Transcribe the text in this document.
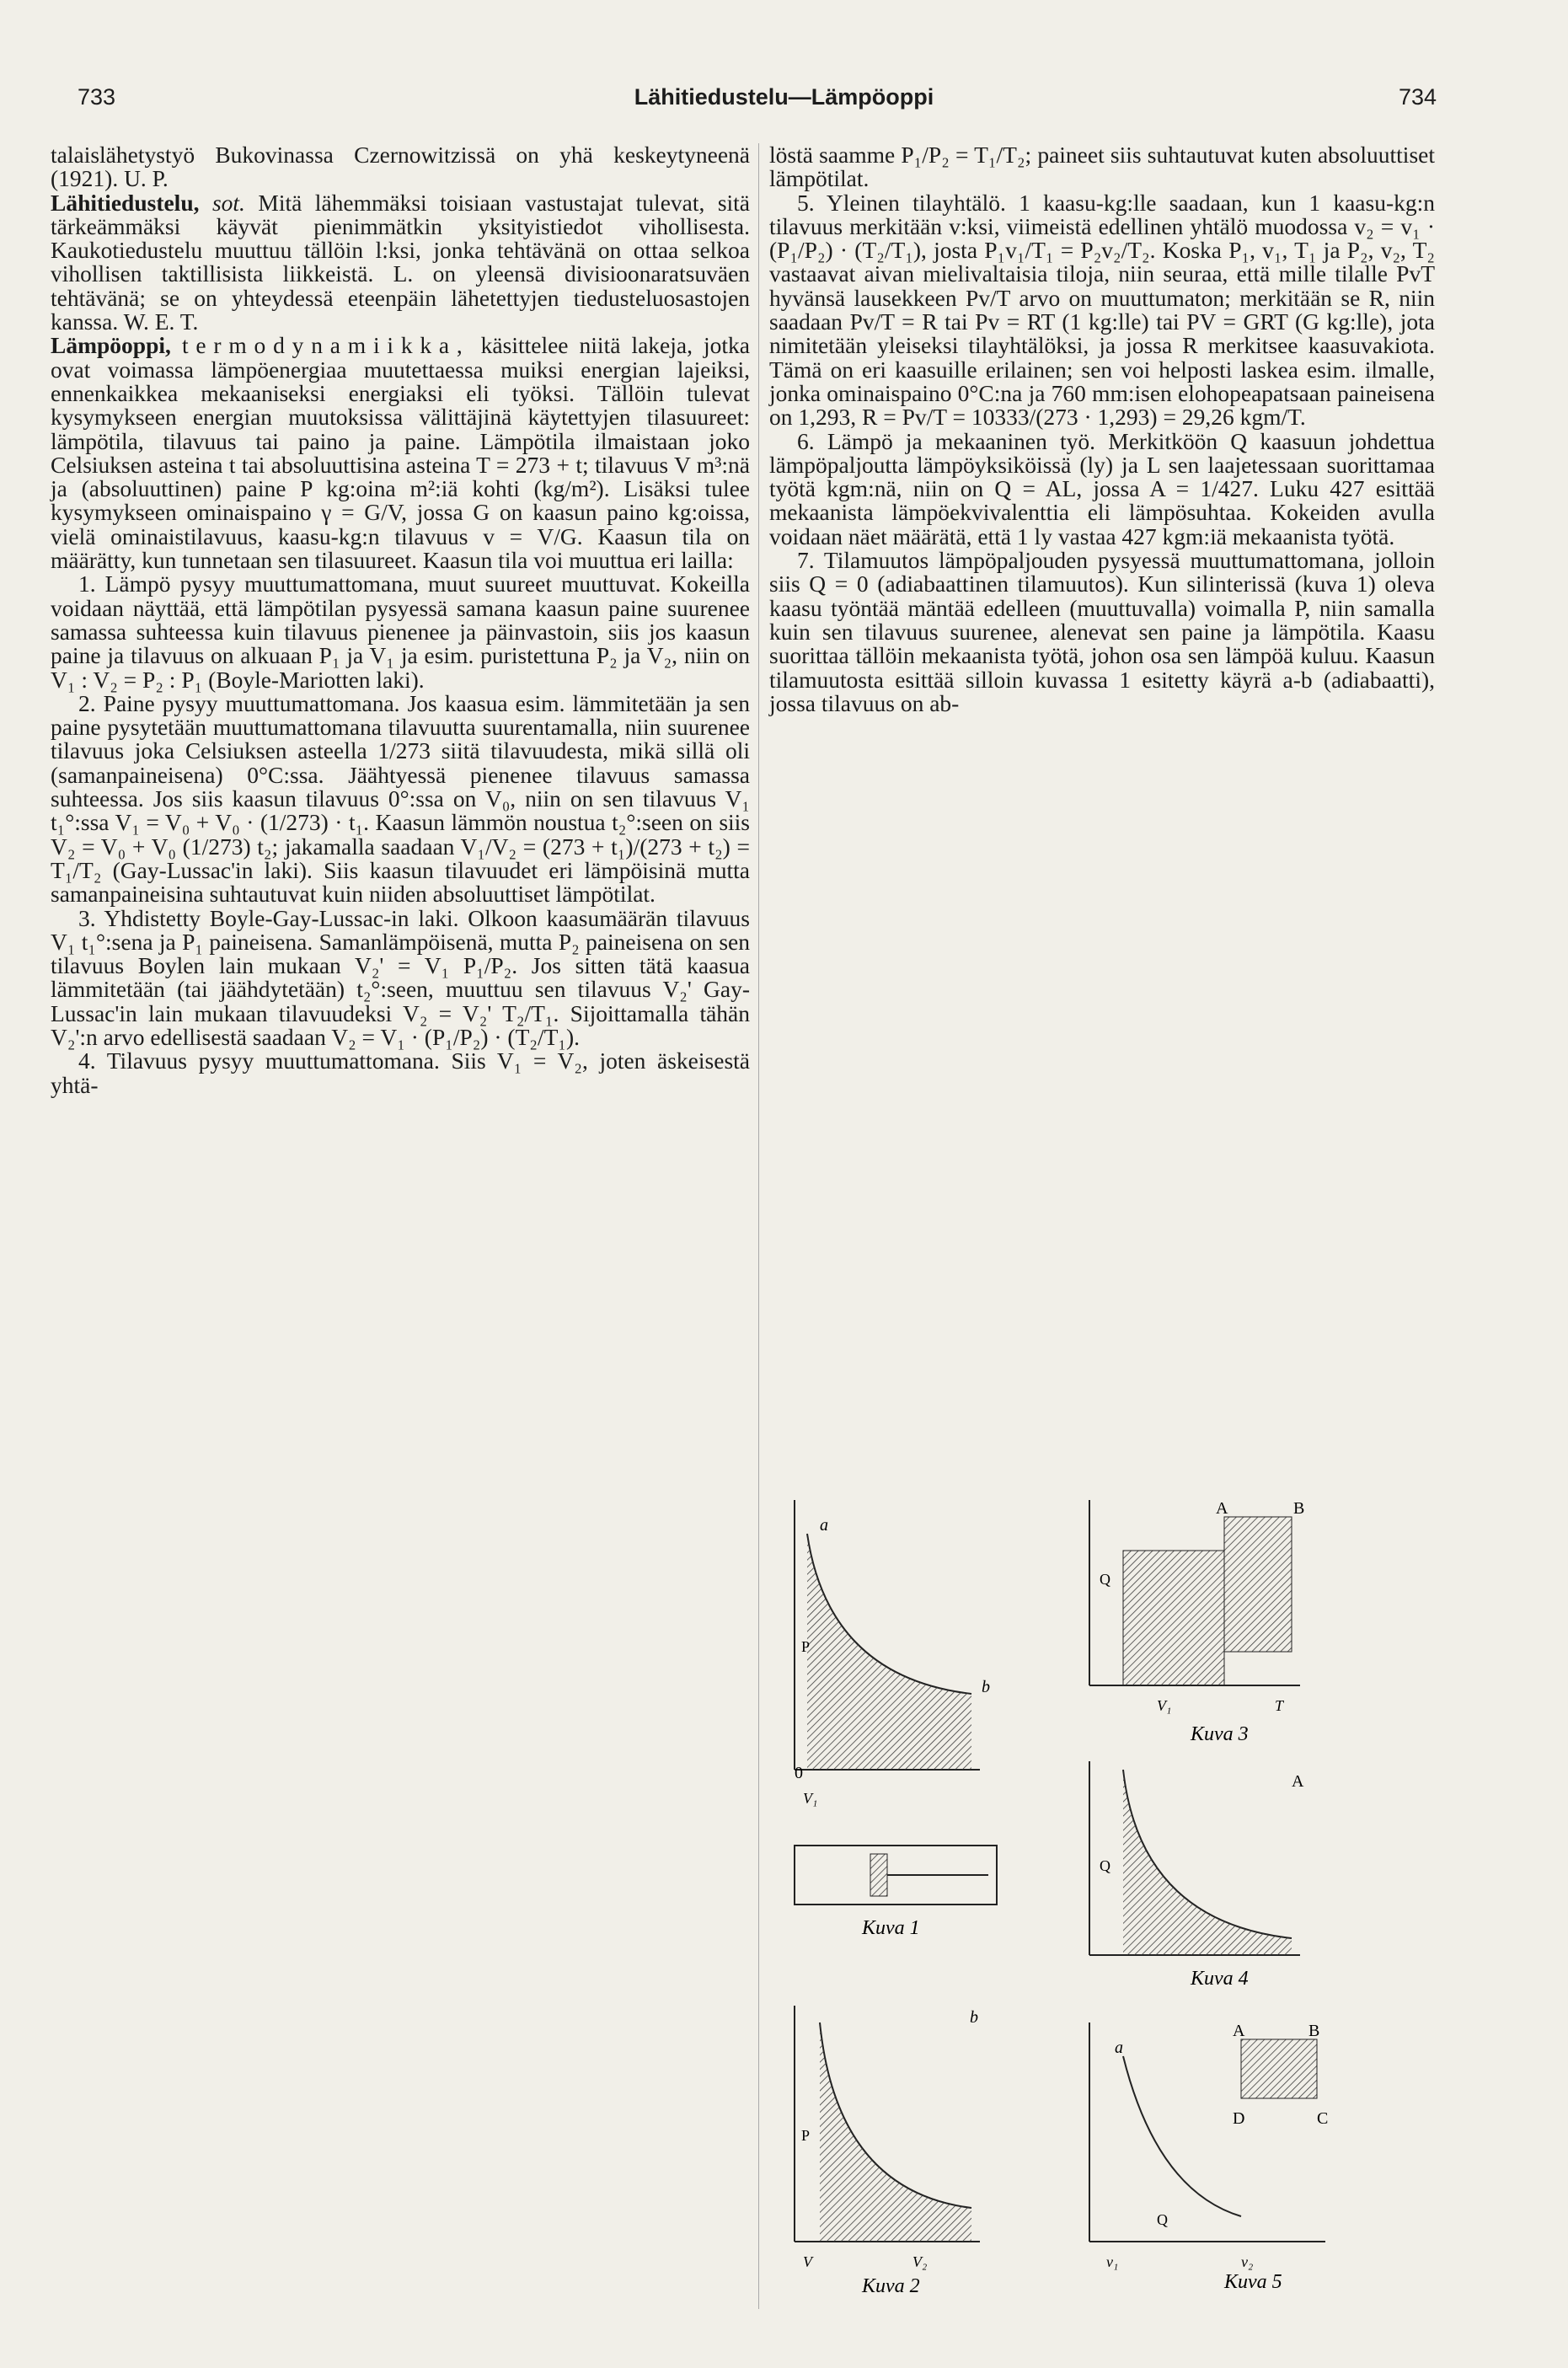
733	Lähitiedustelu—Lämpöoppi	734

talaislähetystyö Bukovinassa Czernowitzissä on yhä keskeytyneenä (1921). U. P.

Lähitiedustelu, sot. Mitä lähemmäksi toisiaan vastustajat tulevat, sitä tärkeämmäksi käyvät pienimmätkin yksityistiedot vihollisesta. Kaukotiedustelu muuttuu tällöin l:ksi, jonka tehtävänä on ottaa selkoa vihollisen taktillisista liikkeistä. L. on yleensä divisioonaratsuväen tehtävänä; se on yhteydessä eteenpäin lähetettyjen tiedusteluosastojen kanssa. W. E. T.

Lämpöoppi, termodynamiikka, käsittelee niitä lakeja, jotka ovat voimassa lämpöenergiaa muutettaessa muiksi energian lajeiksi, ennenkaikkea mekaaniseksi energiaksi eli työksi. Tällöin tulevat kysymykseen energian muutoksissa välittäjinä käytettyjen tilasuureet: lämpötila, tilavuus tai paino ja paine. Lämpötila ilmaistaan joko Celsiuksen asteina t tai absoluuttisina asteina T = 273 + t; tilavuus V m³:nä ja (absoluuttinen) paine P kg:oina m²:iä kohti (kg/m²). Lisäksi tulee kysymykseen ominaispaino γ = G/V, jossa G on kaasun paino kg:oissa, vielä ominaistilavuus, kaasu-kg:n tilavuus v = V/G. Kaasun tila on määrätty, kun tunnetaan sen tilasuureet. Kaasun tila voi muuttua eri lailla:

1. Lämpö pysyy muuttumattomana, muut suureet muuttuvat. Kokeilla voidaan näyttää, että lämpötilan pysyessä samana kaasun paine suurenee samassa suhteessa kuin tilavuus pienenee ja päinvastoin, siis jos kaasun paine ja tilavuus on alkuaan P₁ ja V₁ ja esim. puristettuna P₂ ja V₂, niin on V₁ : V₂ = P₂ : P₁ (Boyle-Mariotten laki).

2. Paine pysyy muuttumattomana. Jos kaasua esim. lämmitetään ja sen paine pysytetään muuttumattomana tilavuutta suurentamalla, niin suurenee tilavuus joka Celsiuksen asteella 1/273 siitä tilavuudesta, mikä sillä oli (samanpaineisena) 0°C:ssa. Jäähtyessä pienenee tilavuus samassa suhteessa. Jos siis kaasun tilavuus 0°:ssa on V₀, niin on sen tilavuus V₁ t₁°:ssa V₁ = V₀ + V₀ · (1/273) · t₁. Kaasun lämmön noustua t₂°:seen on siis V₂ = V₀ + V₀ (1/273) t₂; jakamalla saadaan V₁/V₂ = (273 + t₁)/(273 + t₂) = T₁/T₂ (Gay-Lussac'in laki). Siis kaasun tilavuudet eri lämpöisinä mutta samanpaineisina suhtautuvat kuin niiden absoluuttiset lämpötilat.

3. Yhdistetty Boyle-Gay-Lussac-in laki. Olkoon kaasumäärän tilavuus V₁ t₁°:sena ja P₁ paineisena. Samanlämpöisenä, mutta P₂ paineisena on sen tilavuus Boylen lain mukaan V₂' = V₁ P₁/P₂. Jos sitten tätä kaasua lämmitetään (tai jäähdytetään) t₂°:seen, muuttuu sen tilavuus V₂' Gay-Lussac'in lain mukaan tilavuudeksi V₂ = V₂' T₂/T₁. Sijoittamalla tähän V₂':n arvo edellisestä saadaan V₂ = V₁ · (P₁/P₂) · (T₂/T₁).

4. Tilavuus pysyy muuttumattomana. Siis V₁ = V₂, joten äskeisestä yhtä-

löstä saamme P₁/P₂ = T₁/T₂; paineet siis suhtautuvat kuten absoluuttiset lämpötilat.

5. Yleinen tilayhtälö. 1 kaasu-kg:lle saadaan, kun 1 kaasu-kg:n tilavuus merkitään v:ksi, viimeistä edellinen yhtälö muodossa v₂ = v₁ · (P₁/P₂) · (T₂/T₁), josta P₁v₁/T₁ = P₂v₂/T₂. Koska P₁, v₁, T₁ ja P₂, v₂, T₂ vastaavat aivan mielivaltaisia tiloja, niin seuraa, että mille tilalle PvT hyvänsä lausekkeen Pv/T arvo on muuttumaton; merkitään se R, niin saadaan Pv/T = R tai Pv = RT (1 kg:lle) tai PV = GRT (G kg:lle), jota nimitetään yleiseksi tilayhtälöksi, ja jossa R merkitsee kaasuvakiota. Tämä on eri kaasuille erilainen; sen voi helposti laskea esim. ilmalle, jonka ominaispaino 0°C:na ja 760 mm:isen elohopeapatsaan paineisena on 1,293, R = Pv/T = 10333/(273 · 1,293) = 29,26 kgm/T.

6. Lämpö ja mekaaninen työ. Merkitköön Q kaasuun johdettua lämpöpaljoutta lämpöyksiköissä (ly) ja L sen laajetessaan suorittamaa työtä kgm:nä, niin on Q = AL, jossa A = 1/427. Luku 427 esittää mekaanista lämpöekvivalenttia eli lämpösuhtaa. Kokeiden avulla voidaan näet määrätä, että 1 ly vastaa 427 kgm:iä mekaanista työtä.

7. Tilamuutos lämpöpaljouden pysyessä muuttumattomana, jolloin siis Q = 0 (adiabaattinen tilamuutos). Kun silinterissä (kuva 1) oleva kaasu työntää mäntää edelleen (muuttuvalla) voimalla P, niin samalla kuin sen tilavuus suurenee, alenevat sen paine ja lämpötila. Kaasu suorittaa tällöin mekaanista työtä, johon osa sen lämpöä kuluu. Kaasun tilamuutosta esittää silloin kuvassa 1 esitetty käyrä a-b (adiabaatti), jossa tilavuus on ab-

0
P
b
a
V₁
Kuva 1
b
P
V	V₂
Kuva 2
Q
A	B
V₁	T
Kuva 3
A
Q
Kuva 4
a
B
A
D	C
Q
v₁	v₂
Kuva 5
